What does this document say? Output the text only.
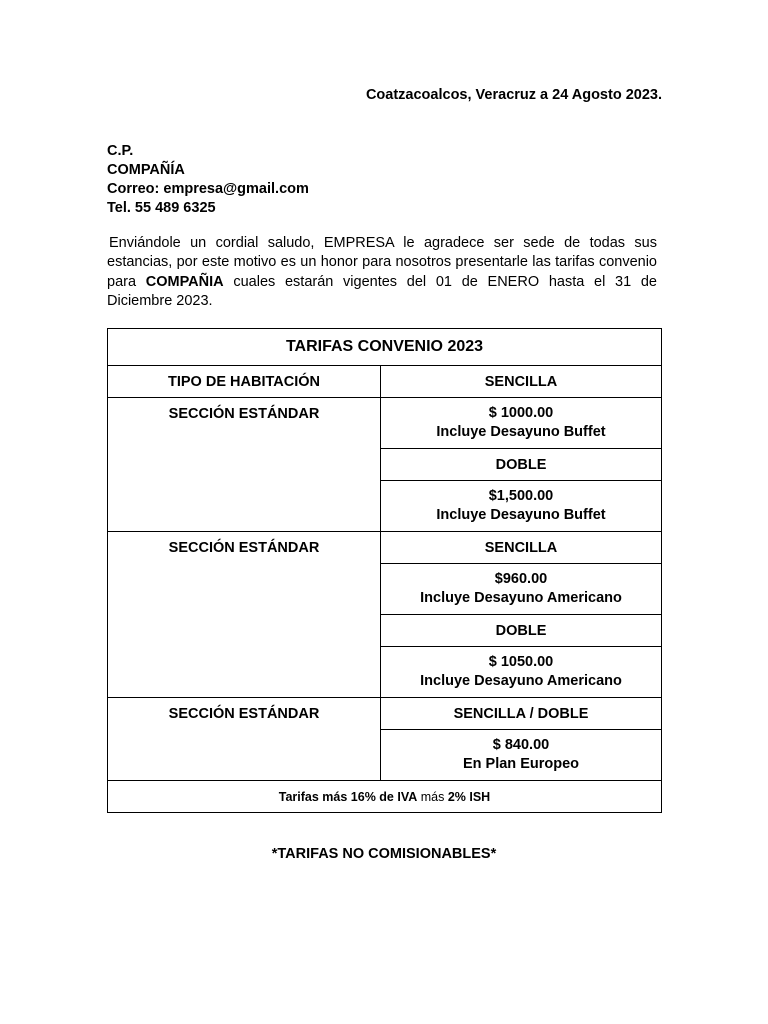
Coatzacoalcos, Veracruz a 24 Agosto 2023.
C.P.
COMPAÑÍA
Correo: empresa@gmail.com
Tel. 55 489 6325
Enviándole un cordial saludo, EMPRESA le agradece ser sede de todas sus estancias, por este motivo es un honor para nosotros presentarle las tarifas convenio para COMPAÑIA cuales estarán vigentes del 01 de ENERO hasta el 31 de Diciembre 2023.
TARIFAS CONVENIO 2023	
TIPO DE HABITACIÓN	SENCILLA
SECCIÓN ESTÁNDAR	$ 1000.00
Incluye Desayuno Buffet

	DOBLE

	$1,500.00
Incluye Desayuno Buffet

SECCIÓN ESTÁNDAR	SENCILLA

	$960.00
Incluye Desayuno Americano

	DOBLE

	$ 1050.00
Incluye Desayuno Americano

SECCIÓN ESTÁNDAR	SENCILLA / DOBLE

	$ 840.00
En Plan Europeo

Tarifas más 16% de IVA más 2% ISH	
*TARIFAS NO COMISIONABLES*
